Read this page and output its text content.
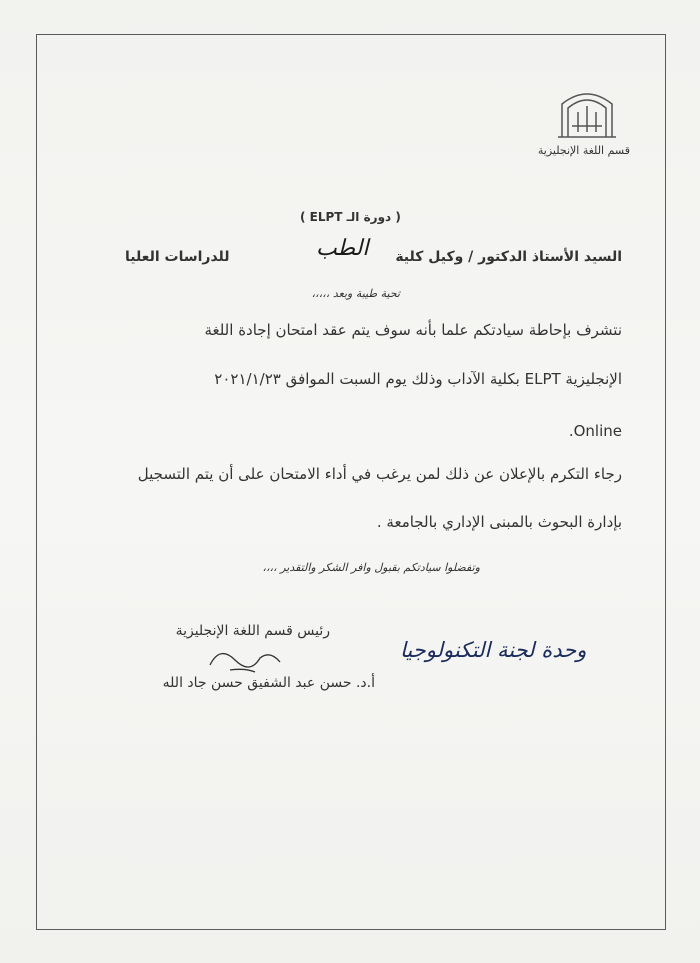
قسم اللغة الإنجليزية
( دورة الـ ELPT )
السيد الأستاذ الدكتور / وكيل كلية
الطب
للدراسات العليا
تحية طيبة وبعد ،،،،،
نتشرف بإحاطة سيادتكم علما بأنه سوف يتم عقد امتحان إجادة اللغة
الإنجليزية ELPT بكلية الآداب وذلك يوم السبت الموافق ٢٠٢١/١/٢٣
Online.
رجاء التكرم بالإعلان عن ذلك لمن يرغب في أداء الامتحان على أن يتم التسجيل
بإدارة البحوث بالمبنى الإداري بالجامعة .
وتفضلوا سيادتكم بقبول وافر الشكر والتقدير ،،،،
رئيس قسم اللغة الإنجليزية
أ.د. حسن عبد الشفيق حسن جاد الله
وحدة لجنة التكنولوجيا
